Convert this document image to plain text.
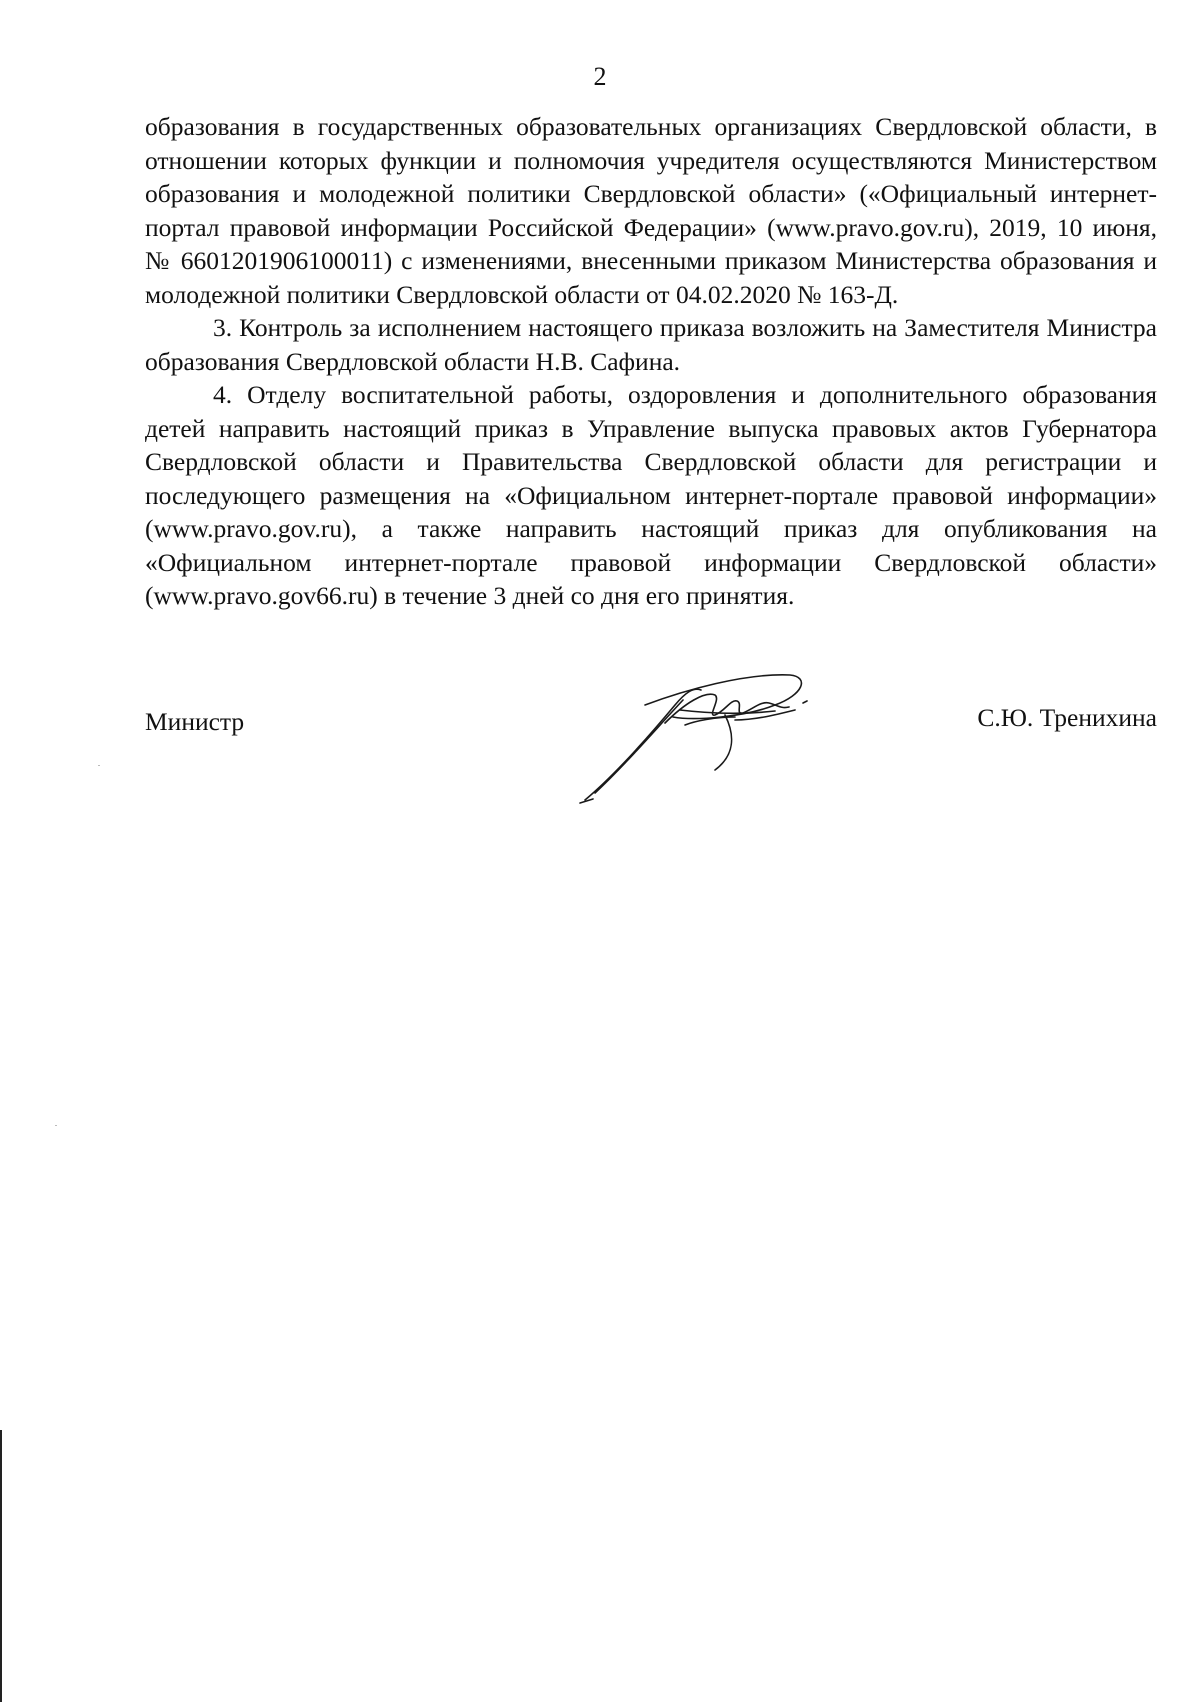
2

образования в государственных образовательных организациях Свердловской области, в отношении которых функции и полномочия учредителя осуществляются Министерством образования и молодежной политики Свердловской области» («Официальный интернет-портал правовой информации Российской Федерации» (www.pravo.gov.ru), 2019, 10 июня, № 6601201906100011) с изменениями, внесенными приказом Министерства образования и молодежной политики Свердловской области от 04.02.2020 № 163-Д.

3. Контроль за исполнением настоящего приказа возложить на Заместителя Министра образования Свердловской области Н.В. Сафина.

4. Отделу воспитательной работы, оздоровления и дополнительного образования детей направить настоящий приказ в Управление выпуска правовых актов Губернатора Свердловской области и Правительства Свердловской области для регистрации и последующего размещения на «Официальном интернет-портале правовой информации» (www.pravo.gov.ru), а также направить настоящий приказ для опубликования на «Официальном интернет-портале правовой информации Свердловской области» (www.pravo.gov66.ru) в течение 3 дней со дня его принятия.

Министр	С.Ю. Тренихина
